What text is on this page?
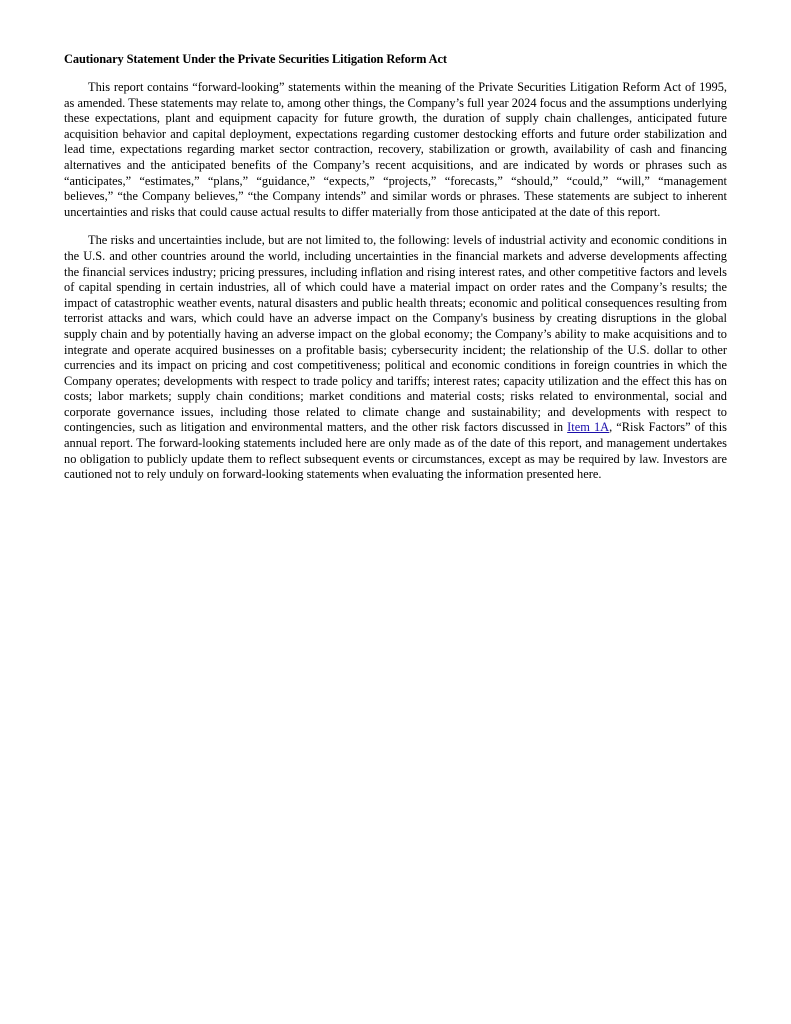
Cautionary Statement Under the Private Securities Litigation Reform Act

This report contains “forward-looking” statements within the meaning of the Private Securities Litigation Reform Act of 1995, as amended. These statements may relate to, among other things, the Company’s full year 2024 focus and the assumptions underlying these expectations, plant and equipment capacity for future growth, the duration of supply chain challenges, anticipated future acquisition behavior and capital deployment, expectations regarding customer destocking efforts and future order stabilization and lead time, expectations regarding market sector contraction, recovery, stabilization or growth, availability of cash and financing alternatives and the anticipated benefits of the Company’s recent acquisitions, and are indicated by words or phrases such as “anticipates,” “estimates,” “plans,” “guidance,” “expects,” “projects,” “forecasts,” “should,” “could,” “will,” “management believes,” “the Company believes,” “the Company intends” and similar words or phrases. These statements are subject to inherent uncertainties and risks that could cause actual results to differ materially from those anticipated at the date of this report.

The risks and uncertainties include, but are not limited to, the following: levels of industrial activity and economic conditions in the U.S. and other countries around the world, including uncertainties in the financial markets and adverse developments affecting the financial services industry; pricing pressures, including inflation and rising interest rates, and other competitive factors and levels of capital spending in certain industries, all of which could have a material impact on order rates and the Company’s results; the impact of catastrophic weather events, natural disasters and public health threats; economic and political consequences resulting from terrorist attacks and wars, which could have an adverse impact on the Company's business by creating disruptions in the global supply chain and by potentially having an adverse impact on the global economy; the Company’s ability to make acquisitions and to integrate and operate acquired businesses on a profitable basis; cybersecurity incident; the relationship of the U.S. dollar to other currencies and its impact on pricing and cost competitiveness; political and economic conditions in foreign countries in which the Company operates; developments with respect to trade policy and tariffs; interest rates; capacity utilization and the effect this has on costs; labor markets; supply chain conditions; market conditions and material costs; risks related to environmental, social and corporate governance issues, including those related to climate change and sustainability; and developments with respect to contingencies, such as litigation and environmental matters, and the other risk factors discussed in Item 1A, “Risk Factors” of this annual report. The forward-looking statements included here are only made as of the date of this report, and management undertakes no obligation to publicly update them to reflect subsequent events or circumstances, except as may be required by law. Investors are cautioned not to rely unduly on forward-looking statements when evaluating the information presented here.
